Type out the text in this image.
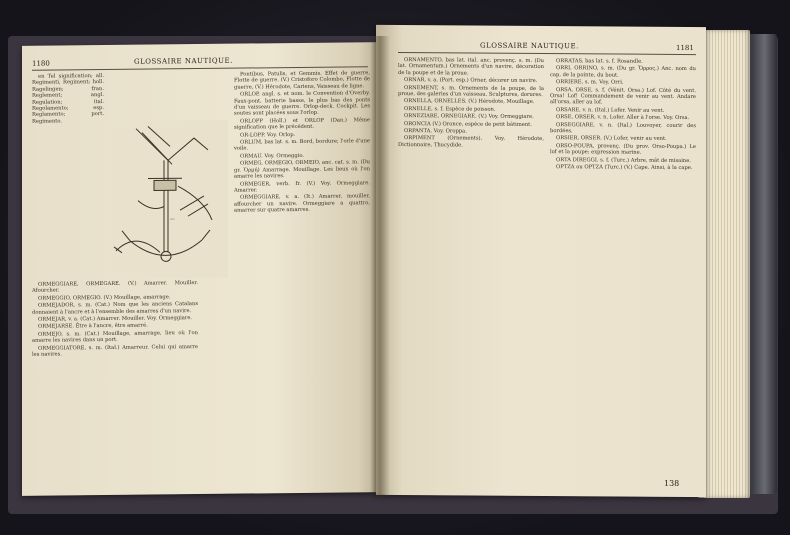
1180	GLOSSAIRE NAUTIQUE.
—

en Tel signification; all. Regimenti, Regiment; holl. Ragelingen; fran. Reglement; angl. Regulation; ital. Regolamento; esp. Reglamento; port. Regimento.

ORMEGGIARE, ORMEGARE. (V.) Amarrer. Mouiller. Afourcher.

ORMEGGIO, ORMEGIO. (V.) Mouillage, amarrage.

ORMEJADOR, s. m. (Cat.) Nom que les anciens Catalans donnaient à l'ancre et à l'ensemble des amarres d'un navire.

ORMEJAR, v. a. (Cat.) Amarrer. Mouiller. Voy. Ormeggiare.

ORMEJARSE. Être à l'ancre, être amarré.

ORMEJO, s. m. (Cat.) Mouillage, amarrage, lieu où l'on amarre les navires dans un port.

ORMEGGIATORE, s. m. (Ital.) Amarreur. Celui qui amarre les navires.

Pontibus, Patulis, et Gemmis. Effet de guerre, Flotte de guerre. (V.) Cristoforo Colombo, Flotte de guerre, (V.) Hérodote, Cariens, Vaisseau de ligne.

ORLOP, angl. s. et nom. le Convention d'Overby. Faux-pont, batterie basse, le plus bas des ponts d'un vaisseau de guerre. Orlop-deck. Cockpit. Les soutes sont placées sous l'orlop.

ORLOPP (Holl.) et ORLOP (Dan.) Même signification que le précédent.

OR-LOPP. Voy. Orlop.

ORLUM, bas lat. s. m. Bord, bordure; l'orle d'une voile.

ORMAU. Voy. Ormeggio.

ORMEG, ORMEGIO, ORMEIO, anc. cat. s. m. (Du gr. Ὁρμή) Amarrage. Mouillage. Les lieux où l'on amarre les navires.

ORMEGER, verb. fr. (V.) Voy. Ormeggiare. Amarrer.

ORMEGGIARE, v. a. (It.) Amarrer, mouiller, affourcher un navire. Ormeggiare a quattro, amarrer sur quatre amarres.

GLOSSAIRE NAUTIQUE.	1181

ORNAMENTO, bas lat. ital. anc. provenç. s. m. (Du lat. Ornamentum.) Ornements d'un navire, décoration de la poupe et de la proue.

ORNAR, v. a. (Port. esp.) Orner, décorer un navire.

ORNEMENT, s. m. Ornements de la poupe, de la proue, des galeries d'un vaisseau. Sculptures, dorures.

ORNELLA, ORNELLES. (V.) Hérodote, Mouillage.

ORNELLE, s. f. Espèce de poisson.

ORNEZIARE, ORNEGIARE. (V.) Voy. Ormeggiare.

ORONCIA (V.) Oronce, espèce de petit bâtiment.

ORPANTA. Voy. Oroppa.

ORPIMENT (Ornements). Voy. Hérodote, Dictionnaire, Thucydide.

ORRATAS, bas lat. s. f. Rosandle.

ORRI, ORRINO, s. m. (Du gr. Ὄρρος.) Anc. nom du cap, de la pointe, du bout.

ORRIERE, s. m. Voy. Orri.

ORSA, ORSE, s. f. (Vénit. Orsa.) Lof. Côté du vent. Orsa! Lof! Commandement de venir au vent. Andare all'orsa, aller au lof.

ORSARE, v. n. (Ital.) Lofer. Venir au vent.

ORSE, ORSER, v. n. Lofer. Aller à l'orse. Voy. Orsa.

ORSEGGIARE, v. n. (Ital.) Louvoyer, courir des bordées.

ORSIER, ORSER. (V.) Lofer, venir au vent.

ORSO-POUPA, provenç. (Du prov. Orso-Poupa.) Le lof et la poupe; expression marine.

ORTA DIREGGI. s. f. (Turc.) Arbre, mât de misaine.

OPTZA ou OPTZA (Turc.) (V.) Cape. Ainsi, à la cape.

138
